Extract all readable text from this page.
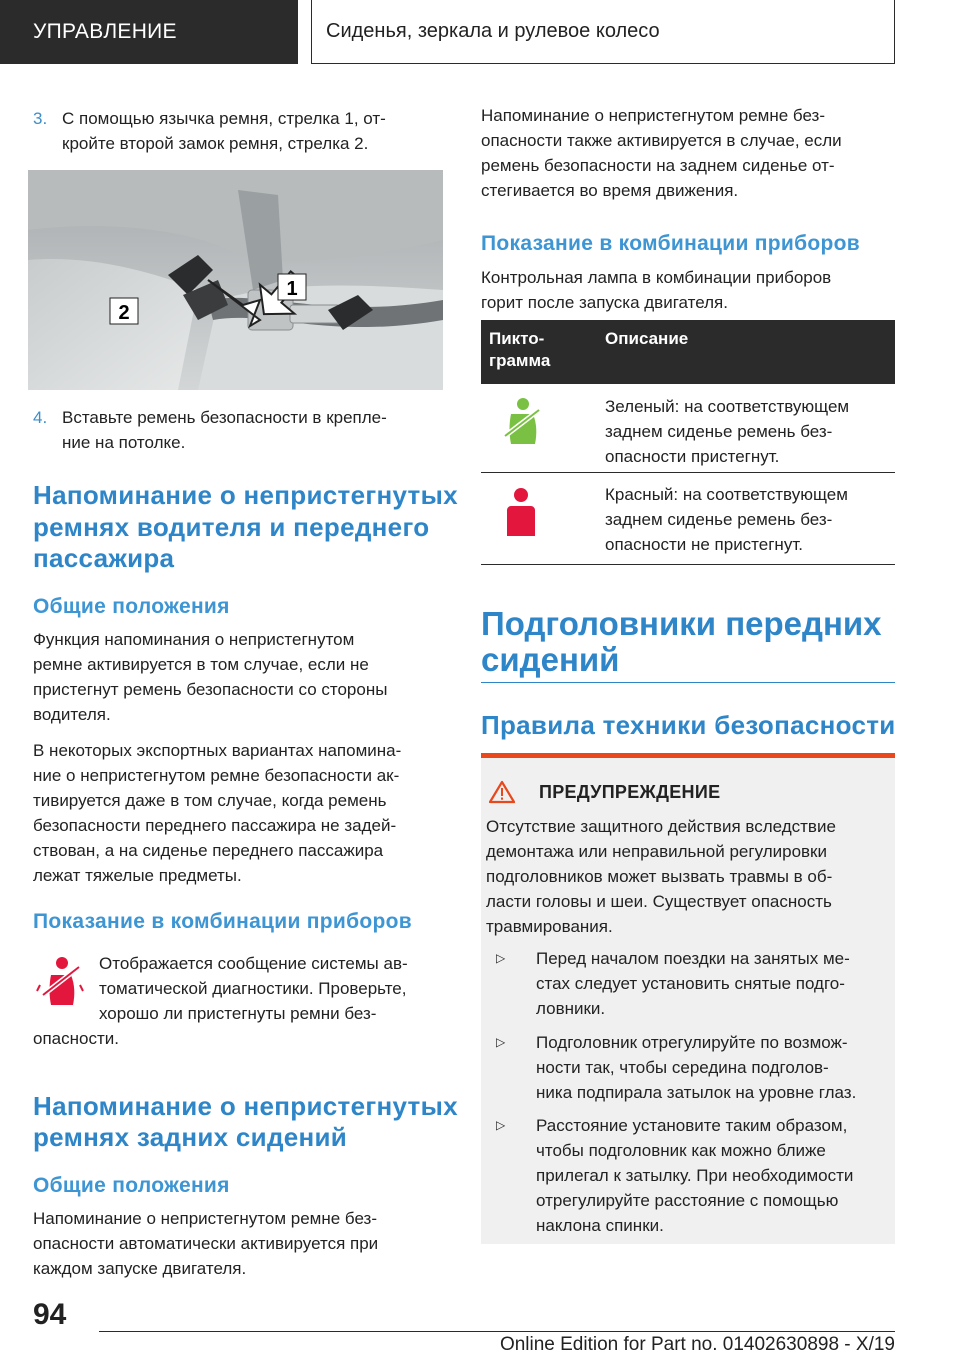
УПРАВЛЕНИЕ	Сиденья, зеркала и рулевое колесо
3. С помощью язычка ремня, стрелка 1, от-
кройте второй замок ремня, стрелка 2.
2
1
4. Вставьте ремень безопасности в крепле-
ние на потолке.
Напоминание о непристегнутых
ремнях водителя и переднего
пассажира
Общие положения

Функция напоминания о непристегнутом

ремне активируется в том случае, если не

пристегнут ремень безопасности со стороны

водителя.

В некоторых экспортных вариантах напомина-

ние о непристегнутом ремне безопасности ак-

тивируется даже в том случае, когда ремень

безопасности переднего пассажира не задей-

ствован, а на сиденье переднего пассажира

лежат тяжелые предметы.

Показание в комбинации приборов

Отображается сообщение системы ав-

томатической диагностики. Проверьте,

хорошо ли пристегнуты ремни без-

опасности.

Напоминание о непристегнутых
ремнях задних сидений
Общие положения

Напоминание о непристегнутом ремне без-

опасности автоматически активируется при

каждом запуске двигателя.

Напоминание о непристегнутом ремне без-

опасности также активируется в случае, если

ремень безопасности на заднем сиденье от-

стегивается во время движения.

Показание в комбинации приборов

Контрольная лампа в комбинации приборов

горит после запуска двигателя.

Пикто-
грамма
Описание

Зеленый: на соответствующем

заднем сиденье ремень без-

опасности пристегнут.

Красный: на соответствующем

заднем сиденье ремень без-

опасности не пристегнут.

Подголовники передних
сидений
Правила техники безопасности
ПРЕДУПРЕЖДЕНИЕ

Отсутствие защитного действия вследствие

демонтажа или неправильной регулировки

подголовников может вызвать травмы в об-

ласти головы и шеи. Существует опасность

травмирования.

▷ Перед началом поездки на занятых ме-

стах следует установить снятые подго-

ловники.

▷ Подголовник отрегулируйте по возмож-

ности так, чтобы середина подголов-

ника подпирала затылок на уровне глаз.

▷ Расстояние установите таким образом,

чтобы подголовник как можно ближе

прилегал к затылку. При необходимости

отрегулируйте расстояние с помощью

наклона спинки.

94
Online Edition for Part no. 01402630898 - X/19
